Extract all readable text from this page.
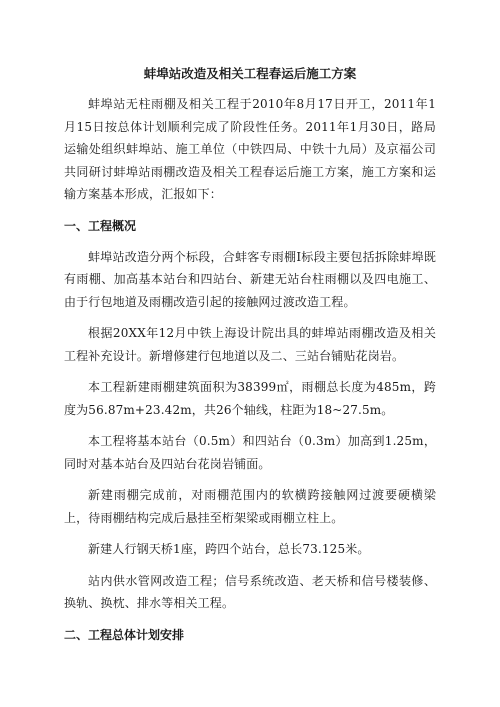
蚌埠站改造及相关工程春运后施工方案

蚌埠站无柱雨棚及相关工程于2010年8月17日开工，2011年1月15日按总体计划顺利完成了阶段性任务。2011年1月30日，路局运输处组织蚌埠站、施工单位（中铁四局、中铁十九局）及京福公司共同研讨蚌埠站雨棚改造及相关工程春运后施工方案，施工方案和运输方案基本形成，汇报如下：

一、工程概况

蚌埠站改造分两个标段，合蚌客专雨棚Ⅰ标段主要包括拆除蚌埠既有雨棚、加高基本站台和四站台、新建无站台柱雨棚以及四电施工、由于行包地道及雨棚改造引起的接触网过渡改造工程。

根据20XX年12月中铁上海设计院出具的蚌埠站雨棚改造及相关工程补充设计。新增修建行包地道以及二、三站台铺贴花岗岩。

本工程新建雨棚建筑面积为38399㎡，雨棚总长度为485m，跨度为56.87m+23.42m，共26个轴线，柱距为18~27.5m。

本工程将基本站台（0.5m）和四站台（0.3m）加高到1.25m，同时对基本站台及四站台花岗岩铺面。

新建雨棚完成前，对雨棚范围内的软横跨接触网过渡要硬横梁上，待雨棚结构完成后悬挂至桁架梁或雨棚立柱上。

新建人行钢天桥1座，跨四个站台，总长73.125米。

站内供水管网改造工程；信号系统改造、老天桥和信号楼装修、换轨、换枕、排水等相关工程。

二、工程总体计划安排
